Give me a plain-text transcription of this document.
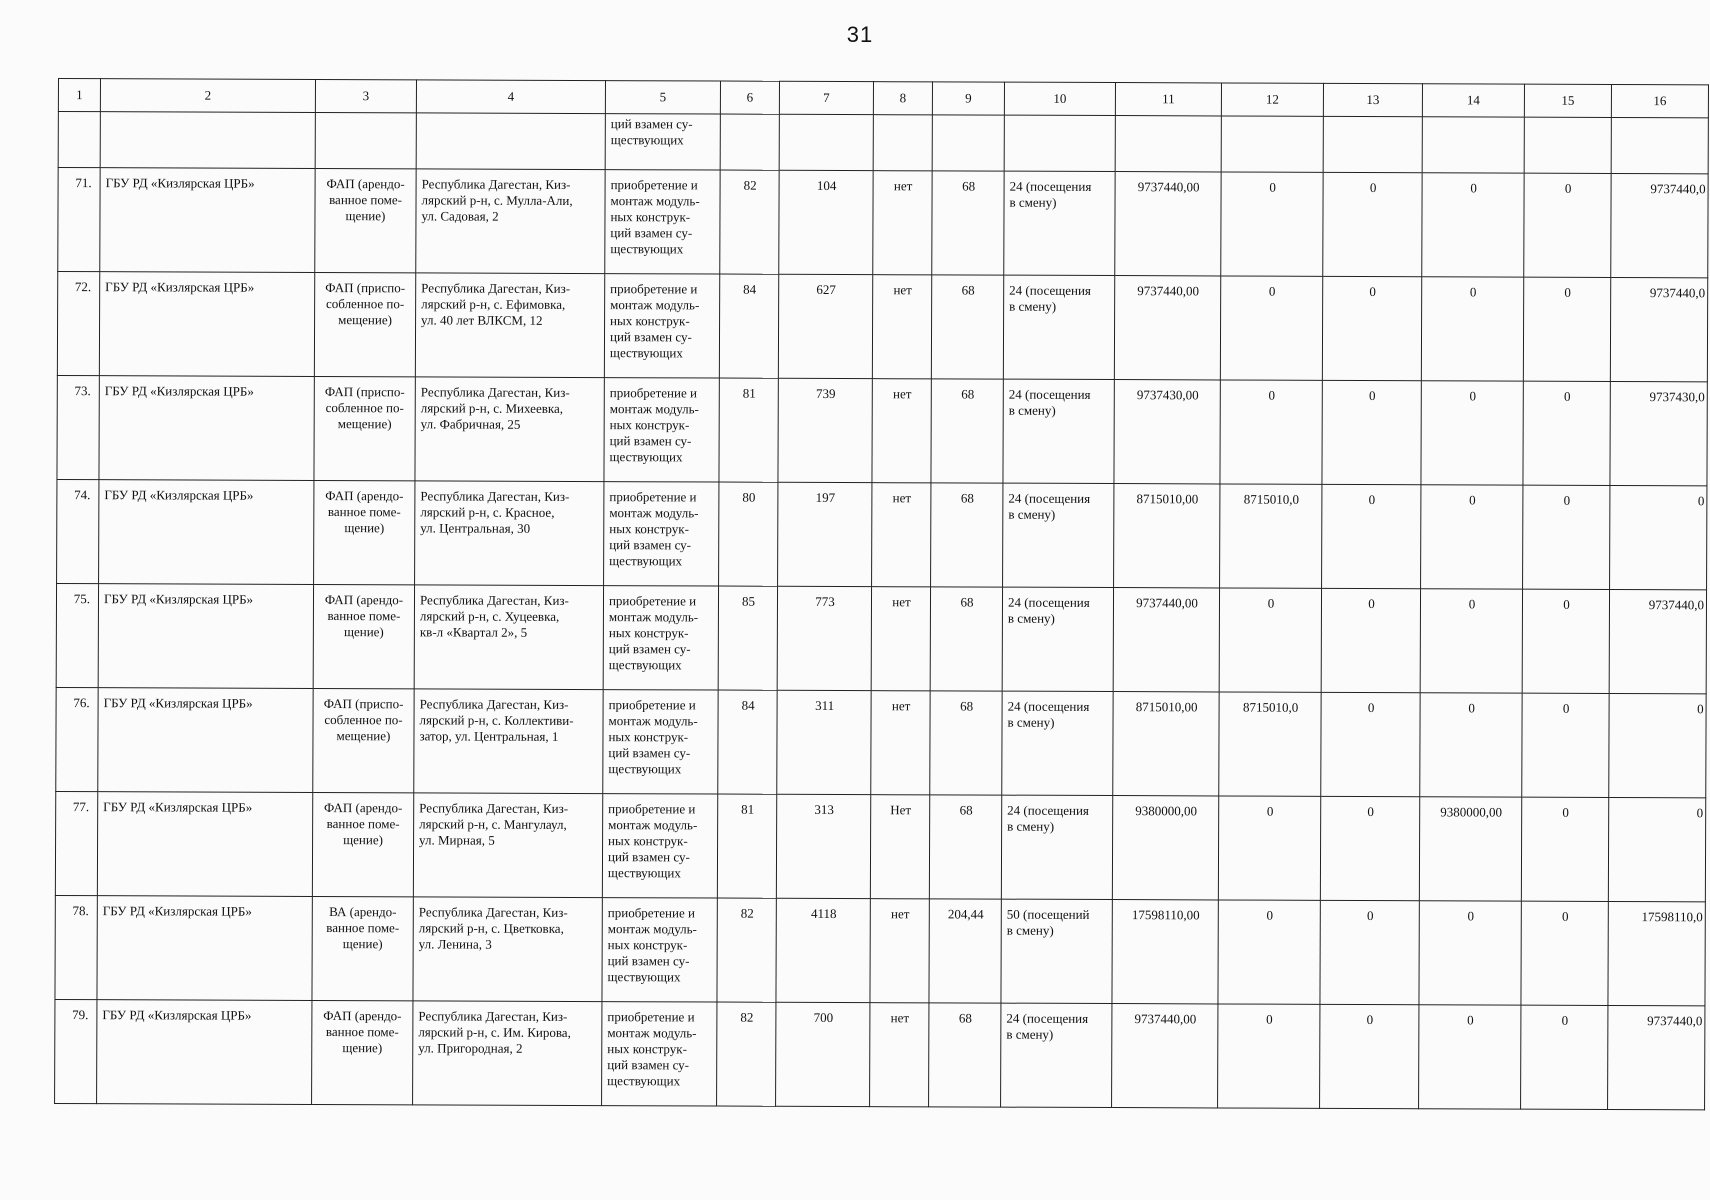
31
1	2	3	4	5	6	7	8	9	10	11	12	13	14	15	16
				ций взамен су-
ществующих											
71.	ГБУ РД «Кизлярская ЦРБ»	ФАП (арендо-
ванное поме-
щение)	Республика Дагестан, Киз-
лярский р-н, с. Мулла-Али,
ул. Садовая, 2	приобретение и
монтаж модуль-
ных конструк-
ций взамен су-
ществующих	82	104	нет	68	24 (посещения
в смену)	9737440,00	0	0	0	0	9737440,0
72.	ГБУ РД «Кизлярская ЦРБ»	ФАП (приспо-
собленное по-
мещение)	Республика Дагестан, Киз-
лярский р-н, с. Ефимовка,
ул. 40 лет ВЛКСМ, 12	приобретение и
монтаж модуль-
ных конструк-
ций взамен су-
ществующих	84	627	нет	68	24 (посещения
в смену)	9737440,00	0	0	0	0	9737440,0
73.	ГБУ РД «Кизлярская ЦРБ»	ФАП (приспо-
собленное по-
мещение)	Республика Дагестан, Киз-
лярский р-н, с. Михеевка,
ул. Фабричная, 25	приобретение и
монтаж модуль-
ных конструк-
ций взамен су-
ществующих	81	739	нет	68	24 (посещения
в смену)	9737430,00	0	0	0	0	9737430,0
74.	ГБУ РД «Кизлярская ЦРБ»	ФАП (арендо-
ванное поме-
щение)	Республика Дагестан, Киз-
лярский р-н, с. Красное,
ул. Центральная, 30	приобретение и
монтаж модуль-
ных конструк-
ций взамен су-
ществующих	80	197	нет	68	24 (посещения
в смену)	8715010,00	8715010,0	0	0	0	0
75.	ГБУ РД «Кизлярская ЦРБ»	ФАП (арендо-
ванное поме-
щение)	Республика Дагестан, Киз-
лярский р-н, с. Хуцеевка,
кв-л «Квартал 2», 5	приобретение и
монтаж модуль-
ных конструк-
ций взамен су-
ществующих	85	773	нет	68	24 (посещения
в смену)	9737440,00	0	0	0	0	9737440,0
76.	ГБУ РД «Кизлярская ЦРБ»	ФАП (приспо-
собленное по-
мещение)	Республика Дагестан, Киз-
лярский р-н, с. Коллективи-
затор, ул. Центральная, 1	приобретение и
монтаж модуль-
ных конструк-
ций взамен су-
ществующих	84	311	нет	68	24 (посещения
в смену)	8715010,00	8715010,0	0	0	0	0
77.	ГБУ РД «Кизлярская ЦРБ»	ФАП (арендо-
ванное поме-
щение)	Республика Дагестан, Киз-
лярский р-н, с. Мангулаул,
ул. Мирная, 5	приобретение и
монтаж модуль-
ных конструк-
ций взамен су-
ществующих	81	313	Нет	68	24 (посещения
в смену)	9380000,00	0	0	9380000,00	0	0
78.	ГБУ РД «Кизлярская ЦРБ»	ВА (арендо-
ванное поме-
щение)	Республика Дагестан, Киз-
лярский р-н, с. Цветковка,
ул. Ленина, 3	приобретение и
монтаж модуль-
ных конструк-
ций взамен су-
ществующих	82	4118	нет	204,44	50 (посещений
в смену)	17598110,00	0	0	0	0	17598110,0
79.	ГБУ РД «Кизлярская ЦРБ»	ФАП (арендо-
ванное поме-
щение)	Республика Дагестан, Киз-
лярский р-н, с. Им. Кирова,
ул. Пригородная, 2	приобретение и
монтаж модуль-
ных конструк-
ций взамен су-
ществующих	82	700	нет	68	24 (посещения
в смену)	9737440,00	0	0	0	0	9737440,0
